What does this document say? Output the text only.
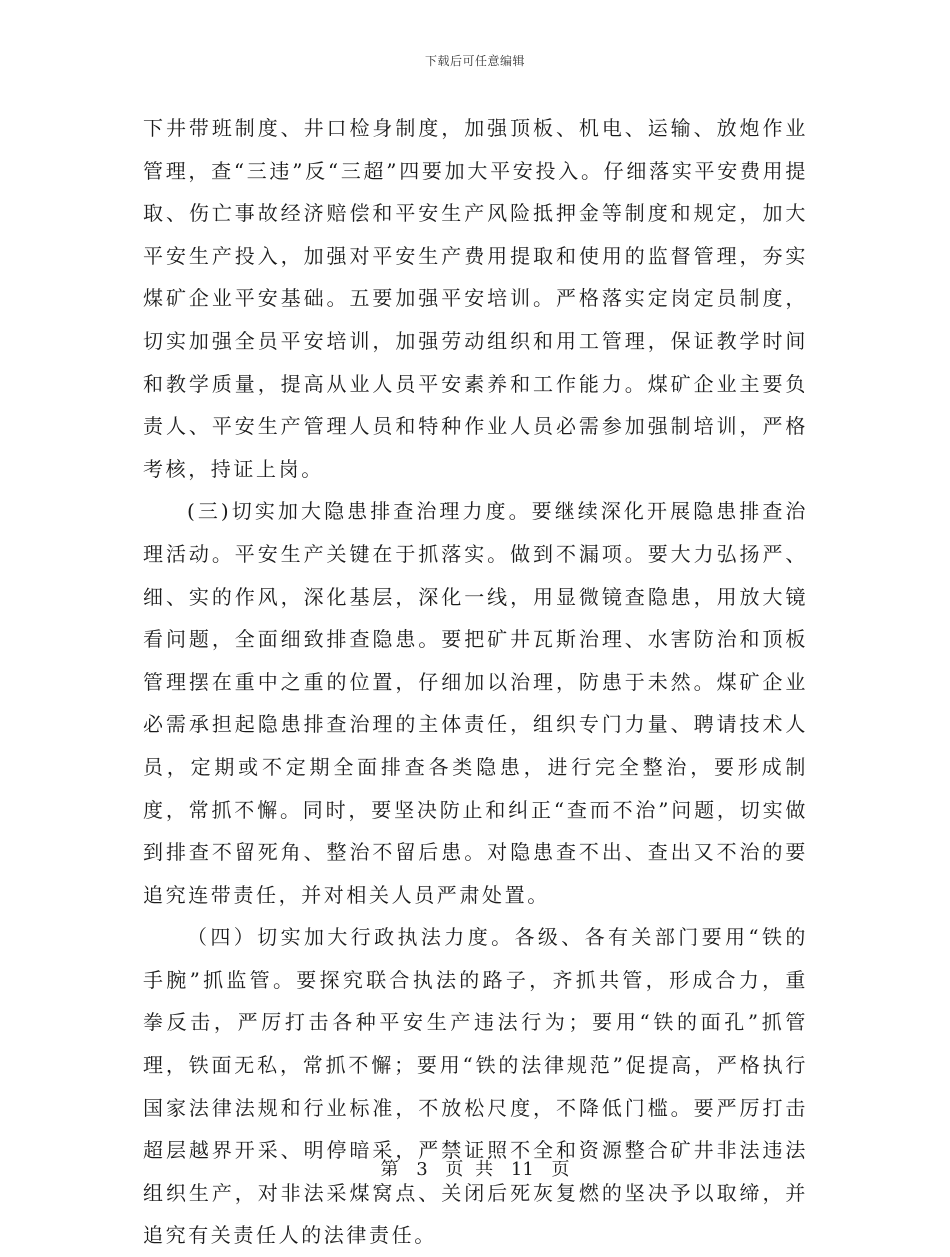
下载后可任意编辑

下井带班制度、井口检身制度，加强顶板、机电、运输、放炮作业管理，查“三违”反“三超”四要加大平安投入。仔细落实平安费用提取、伤亡事故经济赔偿和平安生产风险抵押金等制度和规定，加大平安生产投入，加强对平安生产费用提取和使用的监督管理，夯实煤矿企业平安基础。五要加强平安培训。严格落实定岗定员制度，切实加强全员平安培训，加强劳动组织和用工管理，保证教学时间和教学质量，提高从业人员平安素养和工作能力。煤矿企业主要负责人、平安生产管理人员和特种作业人员必需参加强制培训，严格考核，持证上岗。

(三)切实加大隐患排查治理力度。要继续深化开展隐患排查治理活动。平安生产关键在于抓落实。做到不漏项。要大力弘扬严、细、实的作风，深化基层，深化一线，用显微镜查隐患，用放大镜看问题，全面细致排查隐患。要把矿井瓦斯治理、水害防治和顶板管理摆在重中之重的位置，仔细加以治理，防患于未然。煤矿企业必需承担起隐患排查治理的主体责任，组织专门力量、聘请技术人员，定期或不定期全面排查各类隐患，进行完全整治，要形成制度，常抓不懈。同时，要坚决防止和纠正“查而不治”问题，切实做到排查不留死角、整治不留后患。对隐患查不出、查出又不治的要追究连带责任，并对相关人员严肃处置。

（四）切实加大行政执法力度。各级、各有关部门要用“铁的手腕”抓监管。要探究联合执法的路子，齐抓共管，形成合力，重拳反击，严厉打击各种平安生产违法行为；要用“铁的面孔”抓管理，铁面无私，常抓不懈；要用“铁的法律规范”促提高，严格执行国家法律法规和行业标准，不放松尺度，不降低门槛。要严厉打击超层越界开采、明停暗采，严禁证照不全和资源整合矿井非法违法组织生产，对非法采煤窝点、关闭后死灰复燃的坚决予以取缔，并追究有关责任人的法律责任。

第 3 页 共 11 页
